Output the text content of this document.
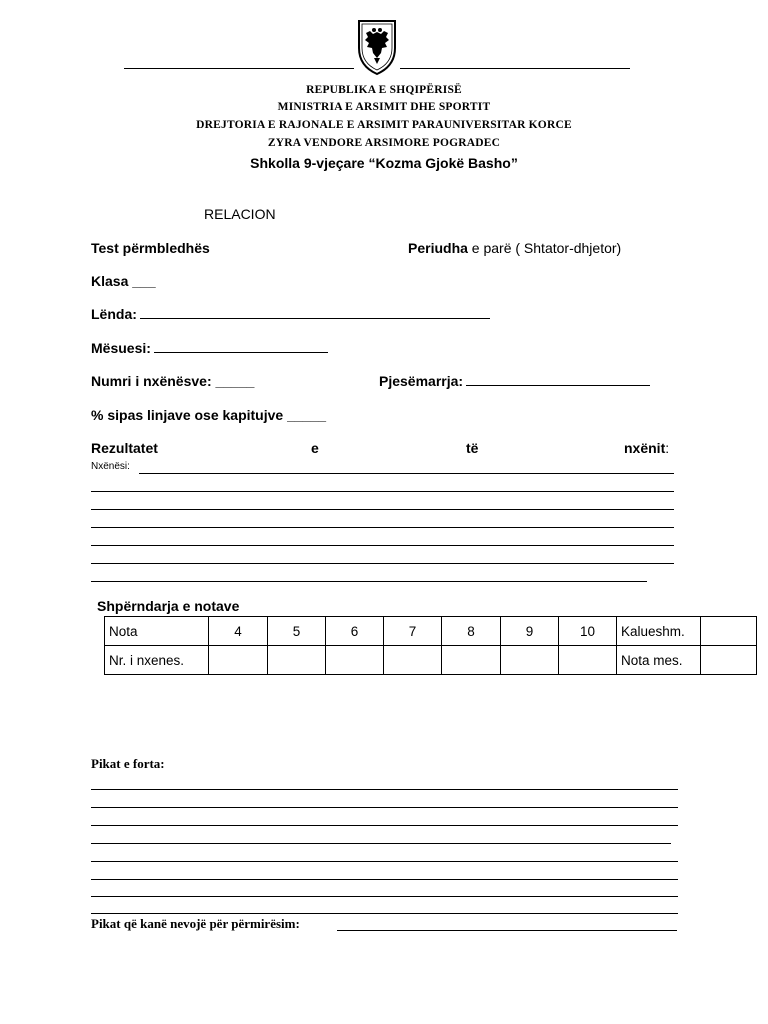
REPUBLIKA E SHQIPËRISË
MINISTRIA E ARSIMIT DHE SPORTIT
DREJTORIA E RAJONALE E ARSIMIT PARAUNIVERSITAR KORCE
ZYRA VENDORE ARSIMORE POGRADEC
Shkolla 9-vjeçare “Kozma Gjokë Basho”
RELACION
Test përmbledhës	Periudha e parë ( Shtator-dhjetor)
Klasa ___
Lënda:
Mësuesi:
Numri i nxënësve: _____	Pjesëmarrja:
% sipas linjave ose kapitujve _____
Rezultatet	e	të	nxënit:
Nxënësi:
Shpërndarja e notave
Nota	4	5	6	7	8	9	10	Kalueshm.	
Nr. i nxenes.								Nota mes.	
Pikat e forta:
Pikat që kanë nevojë për përmirësim:
